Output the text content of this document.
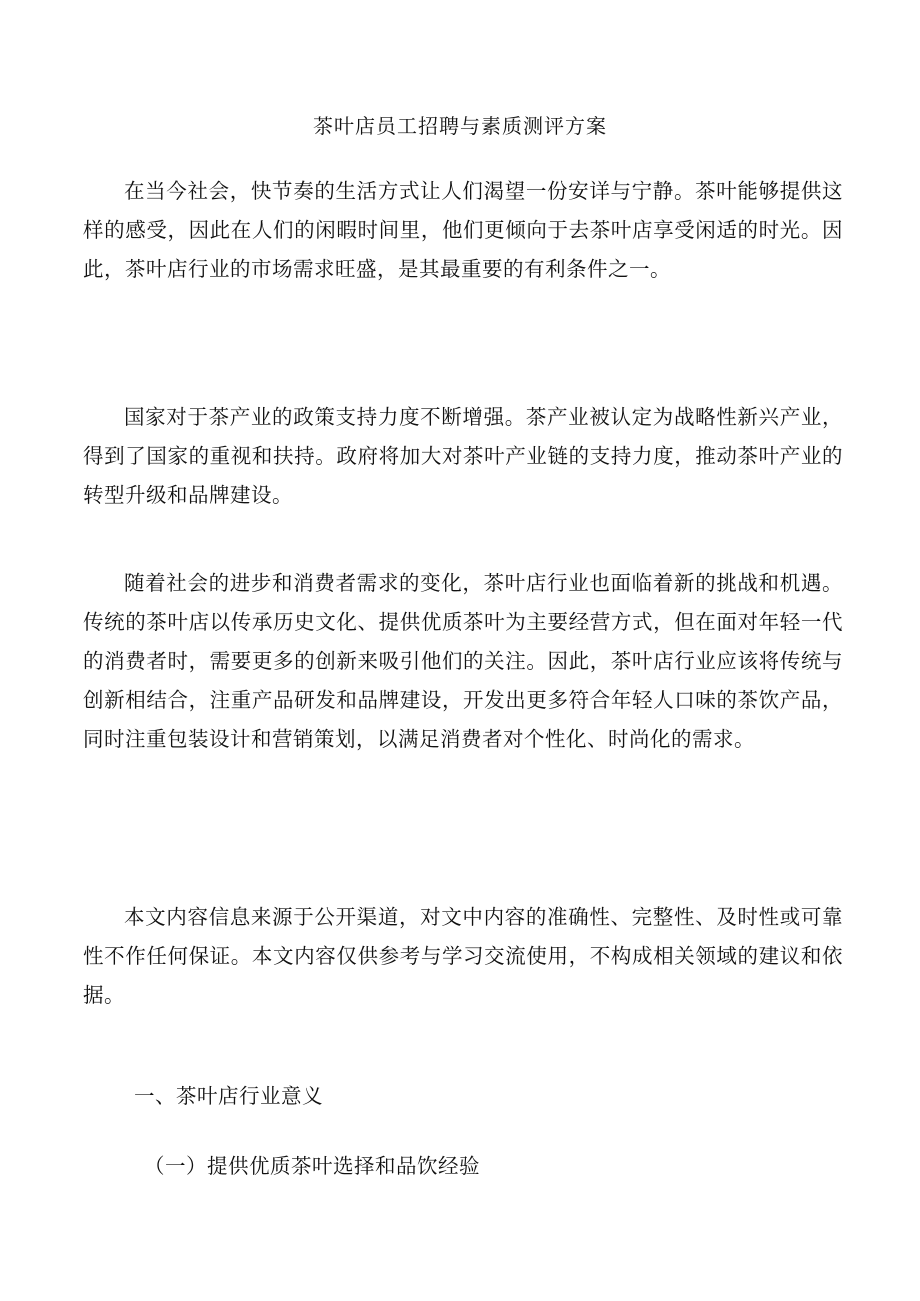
茶叶店员工招聘与素质测评方案

在当今社会，快节奏的生活方式让人们渴望一份安详与宁静。茶叶能够提供这样的感受，因此在人们的闲暇时间里，他们更倾向于去茶叶店享受闲适的时光。因此，茶叶店行业的市场需求旺盛，是其最重要的有利条件之一。

国家对于茶产业的政策支持力度不断增强。茶产业被认定为战略性新兴产业，得到了国家的重视和扶持。政府将加大对茶叶产业链的支持力度，推动茶叶产业的转型升级和品牌建设。

随着社会的进步和消费者需求的变化，茶叶店行业也面临着新的挑战和机遇。传统的茶叶店以传承历史文化、提供优质茶叶为主要经营方式，但在面对年轻一代的消费者时，需要更多的创新来吸引他们的关注。因此，茶叶店行业应该将传统与创新相结合，注重产品研发和品牌建设，开发出更多符合年轻人口味的茶饮产品，同时注重包装设计和营销策划，以满足消费者对个性化、时尚化的需求。

本文内容信息来源于公开渠道，对文中内容的准确性、完整性、及时性或可靠性不作任何保证。本文内容仅供参考与学习交流使用，不构成相关领域的建议和依据。

一、茶叶店行业意义
（一）提供优质茶叶选择和品饮经验
